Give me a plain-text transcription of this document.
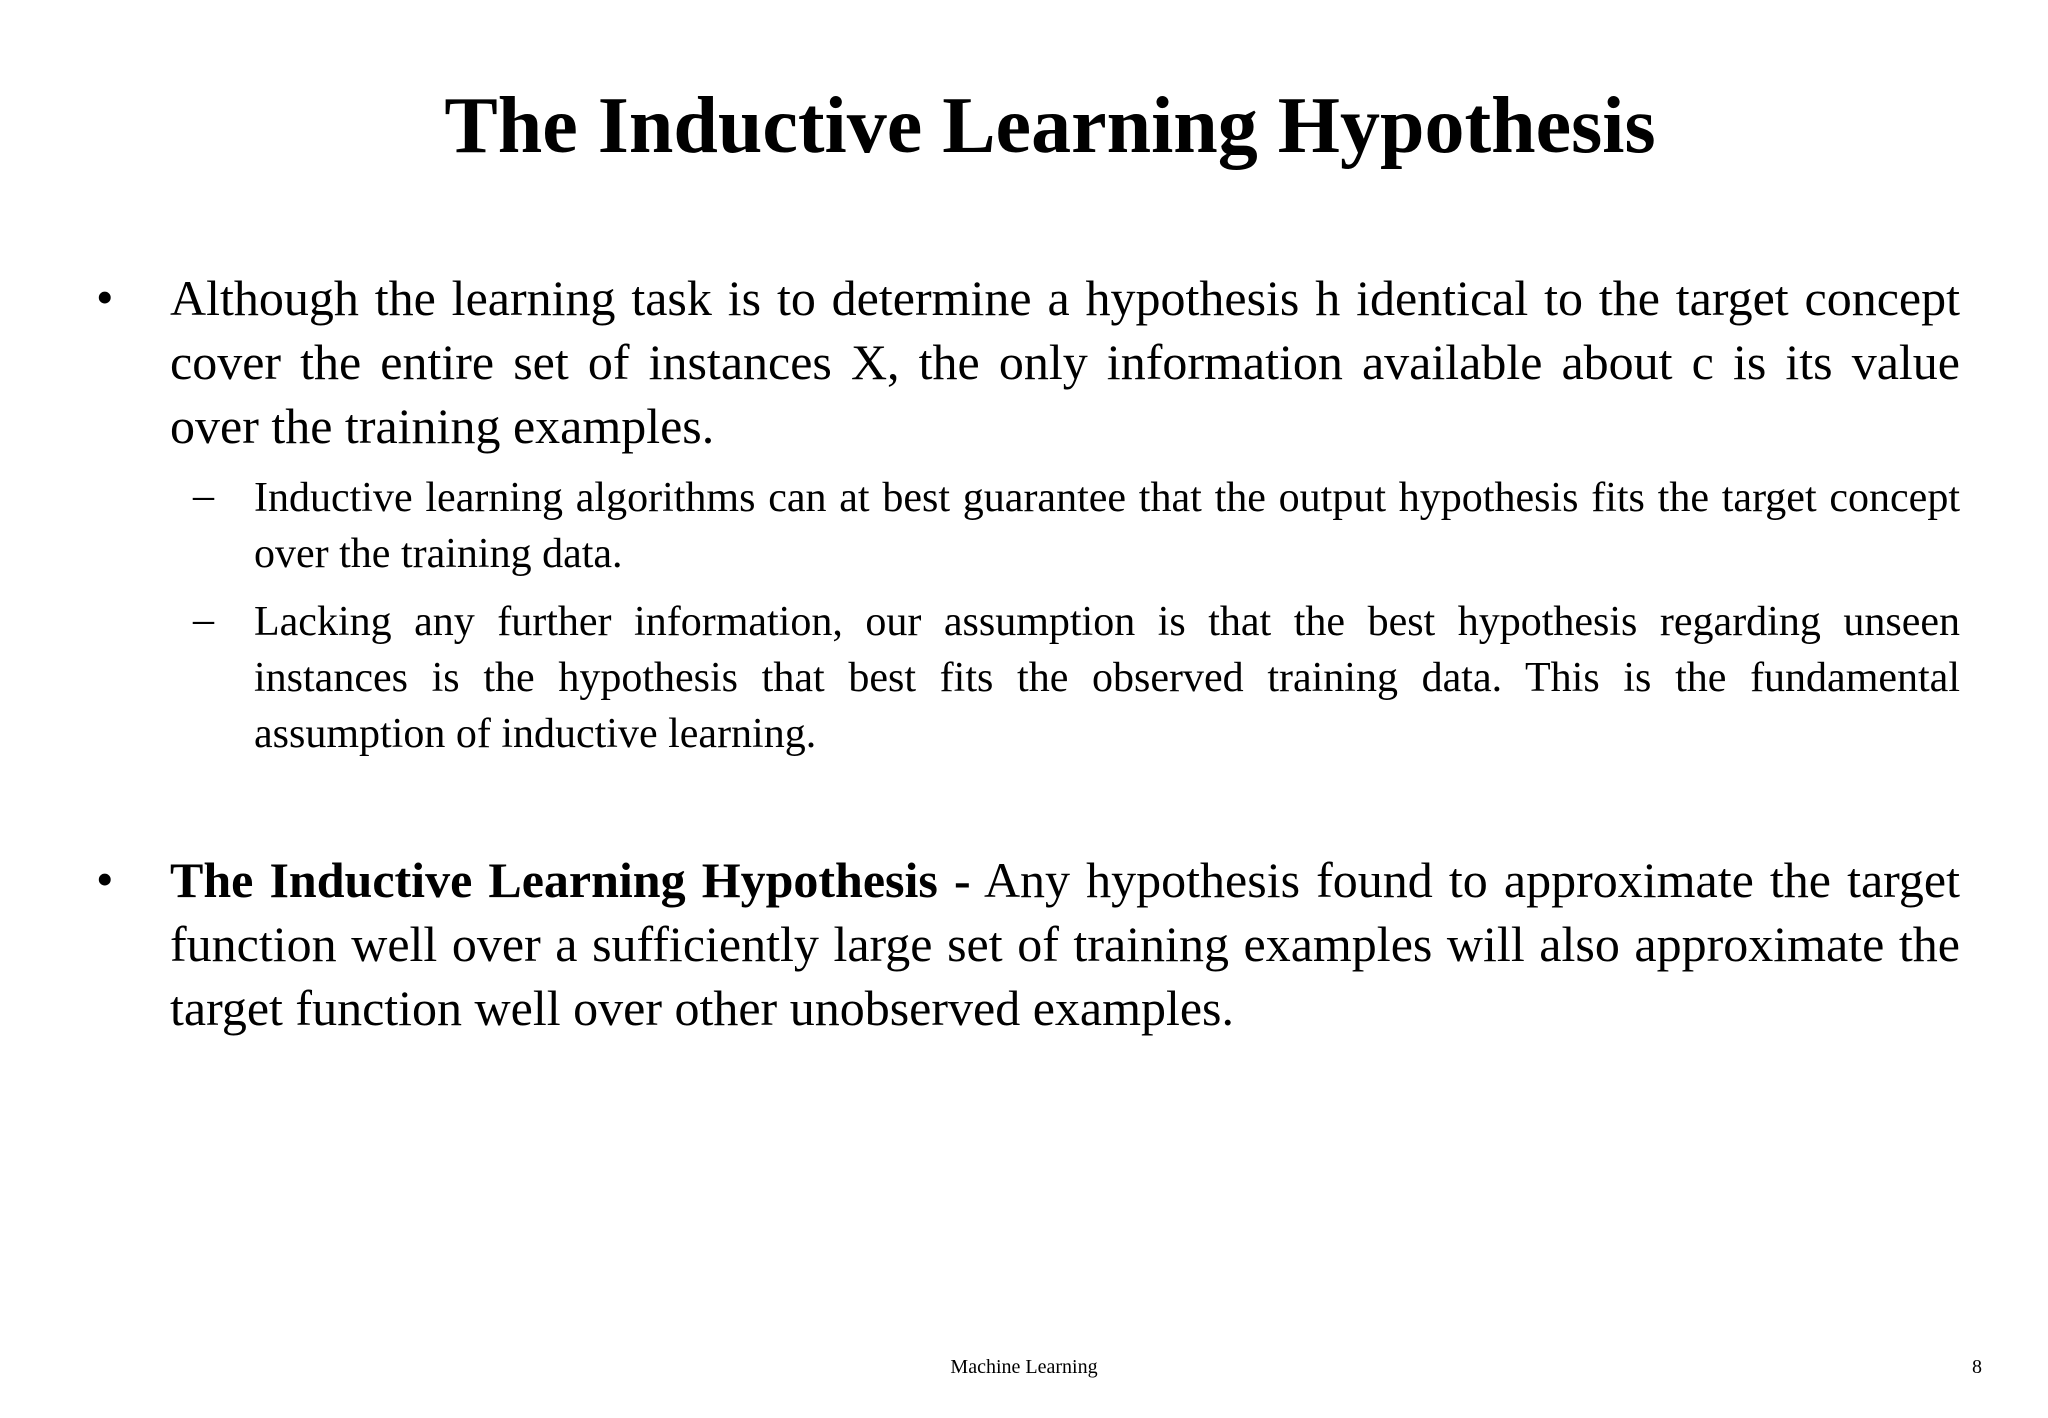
The Inductive Learning Hypothesis
• Although the learning task is to determine a hypothesis h identical to the target concept cover the entire set of instances X, the only information available about c is its value over the training examples.

– Inductive learning algorithms can at best guarantee that the output hypothesis fits the target concept over the training data.

– Lacking any further information, our assumption is that the best hypothesis regarding unseen instances is the hypothesis that best fits the observed training data. This is the fundamental assumption of inductive learning.

• The Inductive Learning Hypothesis - Any hypothesis found to approximate the target function well over a sufficiently large set of training examples will also approximate the target function well over other unobserved examples.

Machine Learning	8
